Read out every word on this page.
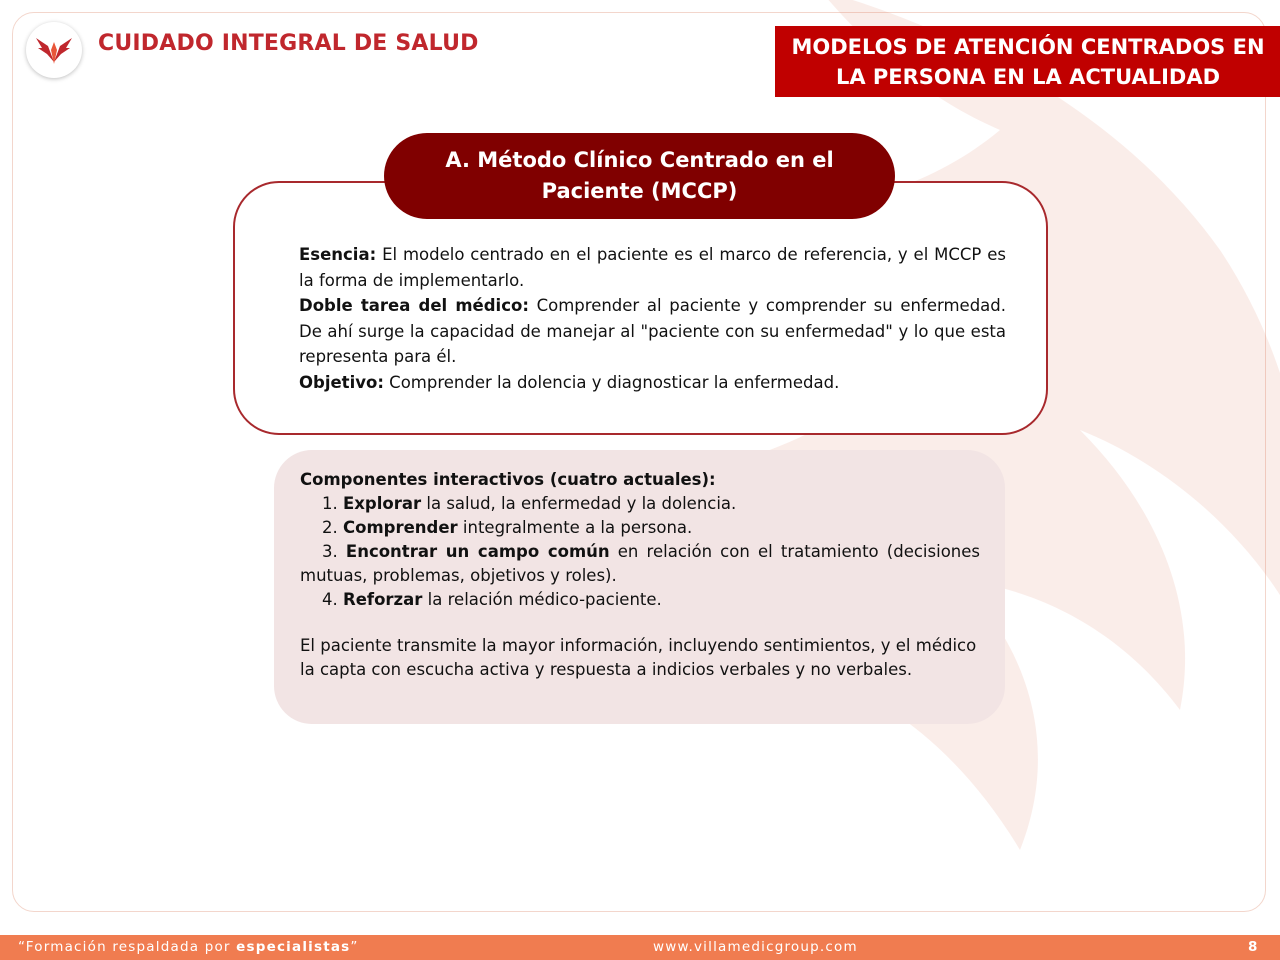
CUIDADO INTEGRAL DE SALUD	MODELOS DE ATENCIÓN CENTRADOS EN LA PERSONA EN LA ACTUALIDAD
A. Método Clínico Centrado en el Paciente (MCCP)

Esencia: El modelo centrado en el paciente es el marco de referencia, y el MCCP es la forma de implementarlo.

Doble tarea del médico: Comprender al paciente y comprender su enfermedad. De ahí surge la capacidad de manejar al "paciente con su enfermedad" y lo que esta representa para él.

Objetivo: Comprender la dolencia y diagnosticar la enfermedad.

Componentes interactivos (cuatro actuales):

1. Explorar la salud, la enfermedad y la dolencia.

2. Comprender integralmente a la persona.

3. Encontrar un campo común en relación con el tratamiento (decisiones mutuas, problemas, objetivos y roles).

4. Reforzar la relación médico-paciente.

El paciente transmite la mayor información, incluyendo sentimientos, y el médico la capta con escucha activa y respuesta a indicios verbales y no verbales.

“Formación respaldada por especialistas”	www.villamedicgroup.com	8
